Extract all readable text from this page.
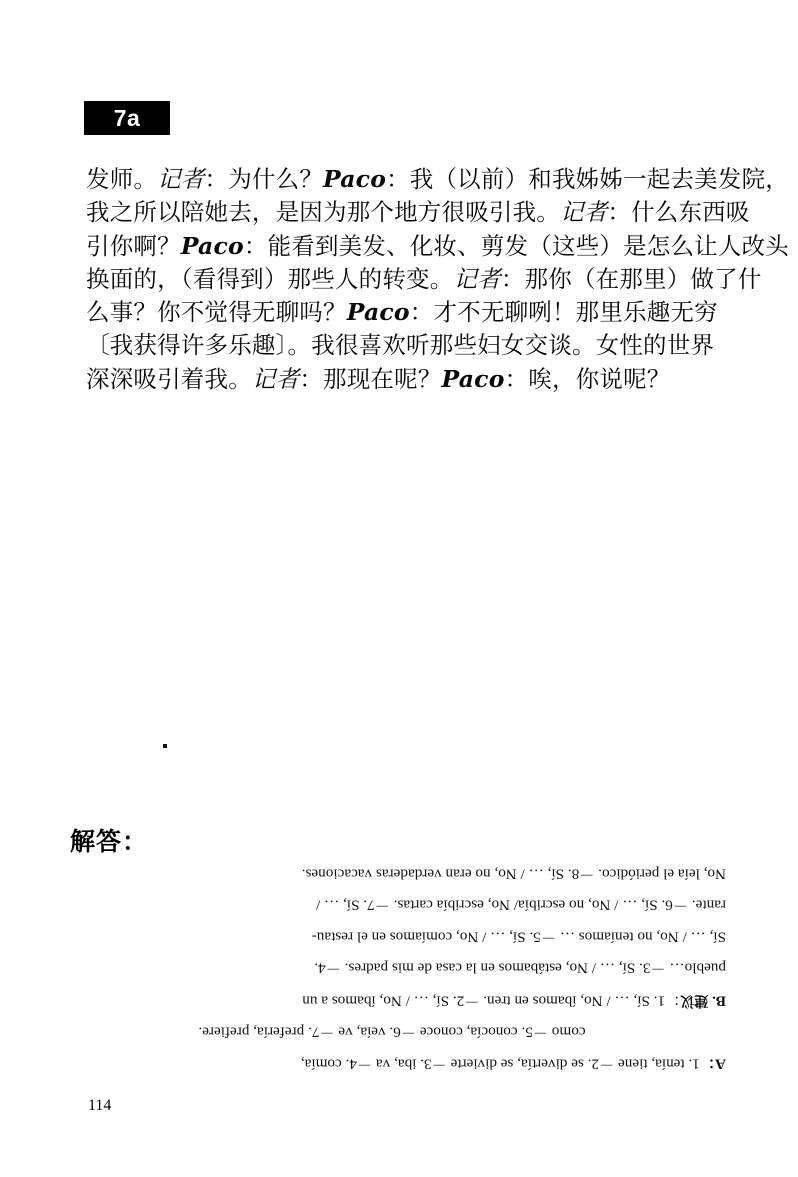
7a
发师。记者：为什么？Paco：我（以前）和我姊姊一起去美发院，
我之所以陪她去，是因为那个地方很吸引我。记者：什么东西吸
引你啊？Paco：能看到美发、化妆、剪发（这些）是怎么让人改头
换面的，（看得到）那些人的转变。记者：那你（在那里）做了什
么事？你不觉得无聊吗？Paco：才不无聊咧！那里乐趣无穷
〔我获得许多乐趣〕。我很喜欢听那些妇女交谈。女性的世界
深深吸引着我。记者：那现在呢？Paco：唉，你说呢？
解答：
A：1. tenía, tiene －2. se divertía, se divierte －3. iba, va －4. comía,
como －5. conocía, conoce －6. veía, ve －7. prefería, prefiere.
B. 建议：1. Sí, … / No, íbamos en tren. －2. Sí, … / No, íbamos a un
pueblo… －3. Sí, … / No, estábamos en la casa de mis padres. －4.
Sí, … / No, no teníamos … －5. Sí, … / No, comíamos en el restau-
rante. －6. Sí, … / No, no escribía/ No, escribía cartas. －7. Sí, … /
No, leía el periódico. －8. Sí, … / No, no eran verdaderas vacaciones.
114
